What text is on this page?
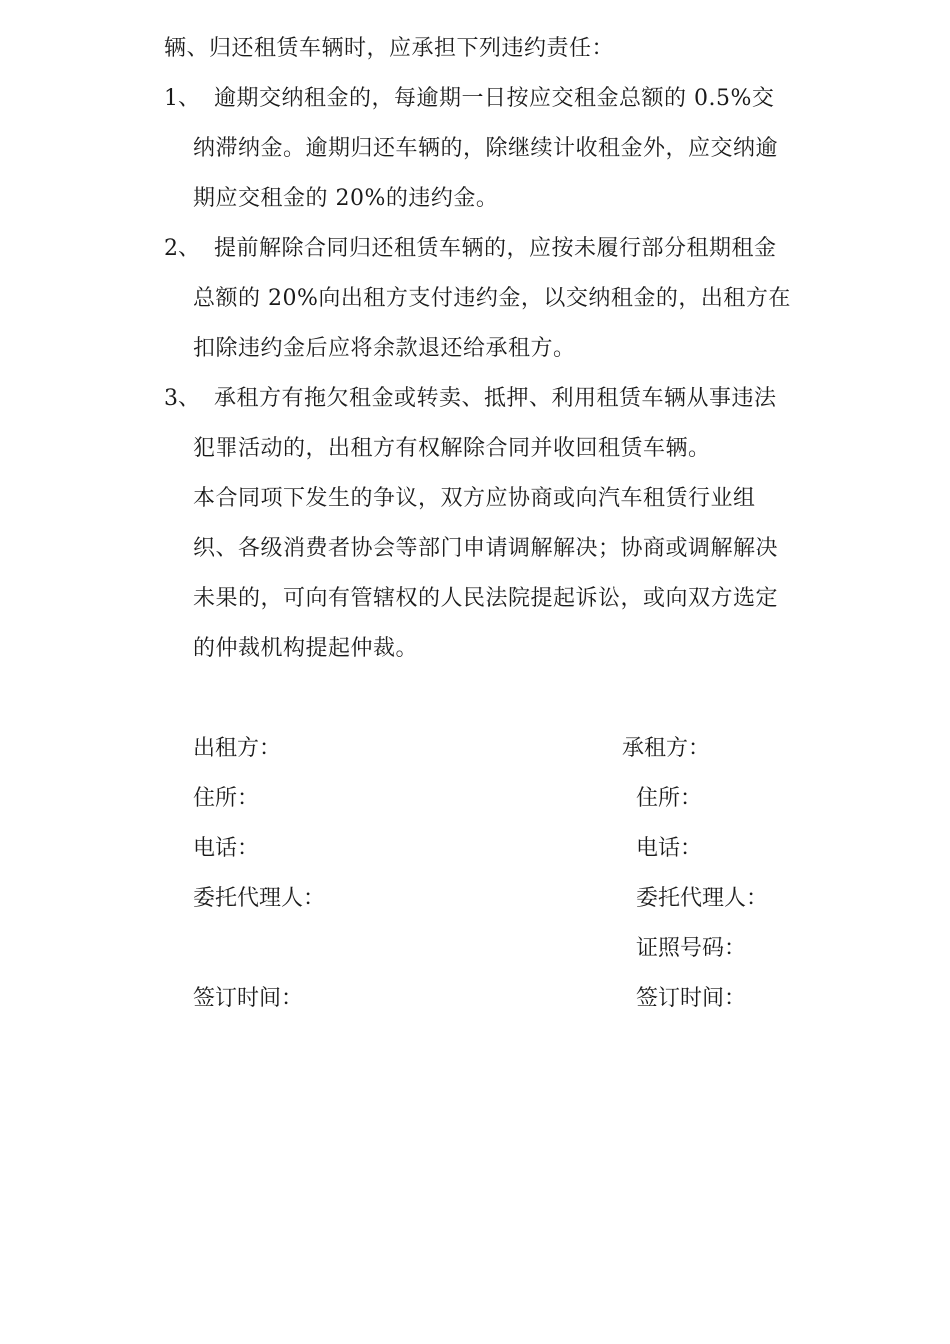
辆、归还租赁车辆时，应承担下列违约责任：
1、 逾期交纳租金的，每逾期一日按应交租金总额的 0.5%交
纳滞纳金。逾期归还车辆的，除继续计收租金外，应交纳逾
期应交租金的 20%的违约金。
2、 提前解除合同归还租赁车辆的，应按未履行部分租期租金
总额的 20%向出租方支付违约金，以交纳租金的，出租方在
扣除违约金后应将余款退还给承租方。
3、 承租方有拖欠租金或转卖、抵押、利用租赁车辆从事违法
犯罪活动的，出租方有权解除合同并收回租赁车辆。
本合同项下发生的争议，双方应协商或向汽车租赁行业组
织、各级消费者协会等部门申请调解解决；协商或调解解决
未果的，可向有管辖权的人民法院提起诉讼，或向双方选定
的仲裁机构提起仲裁。
出租方：
住所：
电话：
委托代理人：
签订时间：
承租方：
住所：
电话：
委托代理人：
证照号码：
签订时间：
